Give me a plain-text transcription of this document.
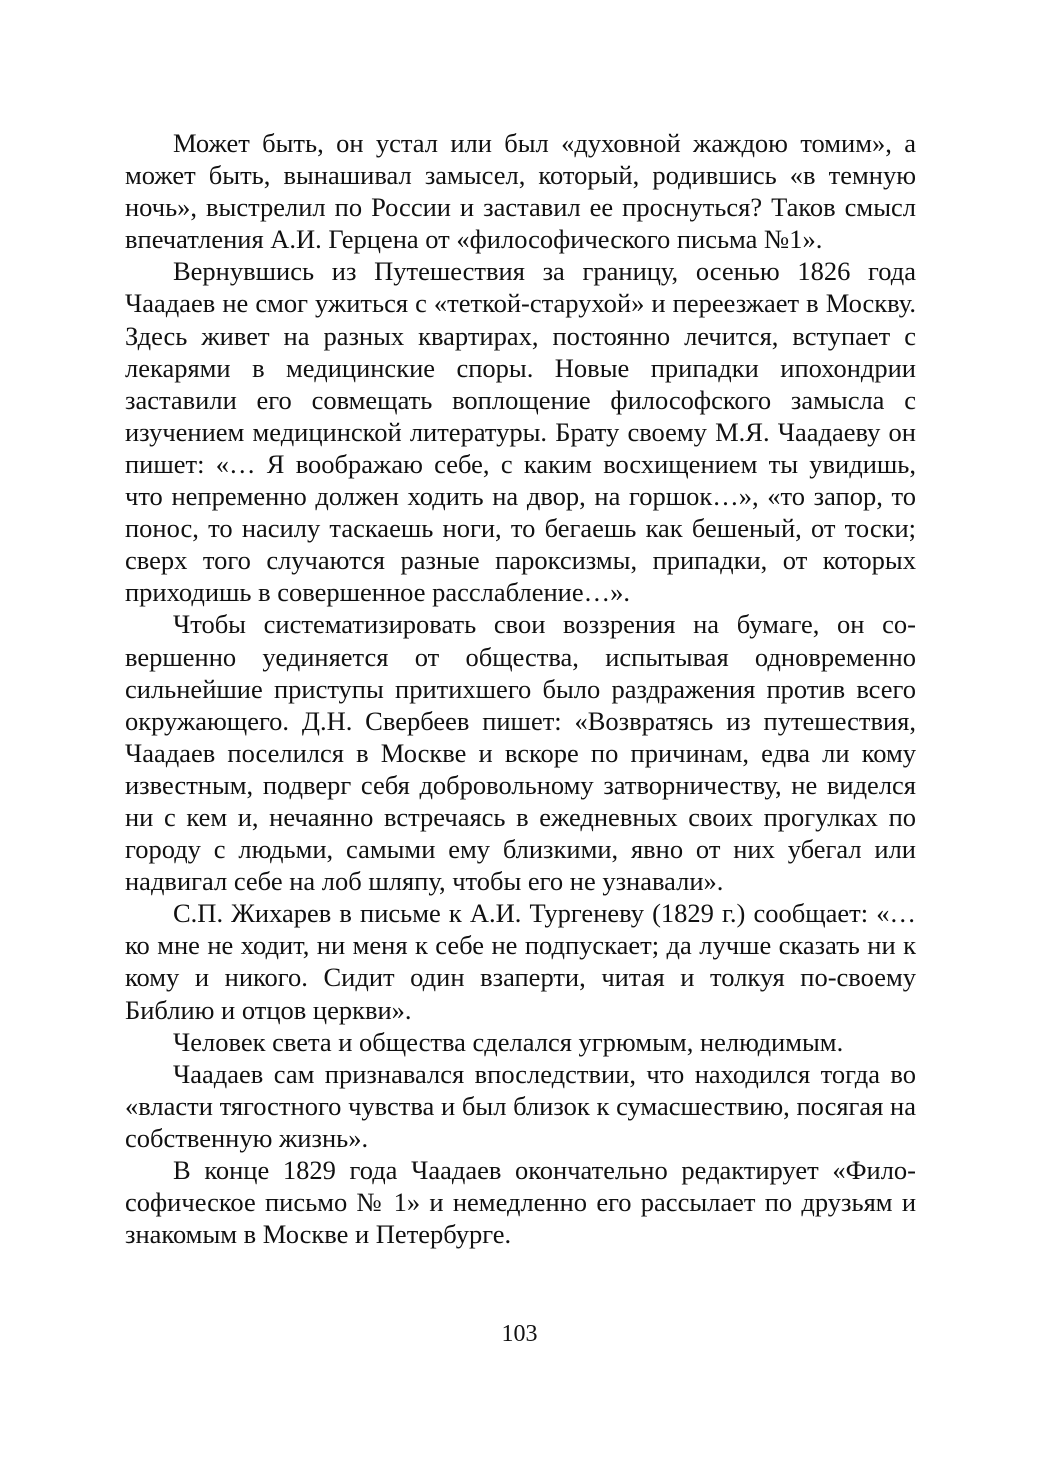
Может быть, он устал или был «духовной жаждою томим», а может быть, вынашивал замысел, который, родившись «в темную ночь», выстрелил по России и заставил ее проснуться? Таков смысл впечатления А.И. Герцена от «философического письма №1».

Вернувшись из Путешествия за границу, осенью 1826 года Чаадаев не смог ужиться с «теткой-старухой» и переезжает в Москву. Здесь живет на разных квартирах, постоянно лечится, вступает с лекарями в медицинские споры. Новые припадки ипохондрии заставили его совмещать воплощение философского замысла с изучением медицинской литературы. Брату своему М.Я. Чаадаеву он пишет: «… Я воображаю себе, с каким восхищением ты увидишь, что непременно должен ходить на двор, на горшок…», «то запор, то понос, то насилу таскаешь ноги, то бегаешь как бешеный, от тоски; сверх того случаются разные пароксизмы, припадки, от которых приходишь в совершенное расслабление…».

Чтобы систематизировать свои воззрения на бумаге, он совершенно уединяется от общества, испытывая одновременно сильнейшие приступы притихшего было раздражения против всего окружающего. Д.Н. Свербеев пишет: «Возвратясь из путешествия, Чаадаев поселился в Москве и вскоре по причинам, едва ли кому известным, подверг себя добровольному затворничеству, не виделся ни с кем и, нечаянно встречаясь в ежедневных своих прогулках по городу с людьми, самыми ему близкими, явно от них убегал или надвигал себе на лоб шляпу, чтобы его не узнавали».

С.П. Жихарев в письме к А.И. Тургеневу (1829 г.) сообщает: «… ко мне не ходит, ни меня к себе не подпускает; да лучше сказать ни к кому и никого. Сидит один взаперти, читая и толкуя по-своему Библию и отцов церкви».

Человек света и общества сделался угрюмым, нелюдимым.

Чаадаев сам признавался впоследствии, что находился тогда во «власти тягостного чувства и был близок к сумасшествию, посягая на собственную жизнь».

В конце 1829 года Чаадаев окончательно редактирует «Философическое письмо № 1» и немедленно его рассылает по друзьям и знакомым в Москве и Петербурге.

103
